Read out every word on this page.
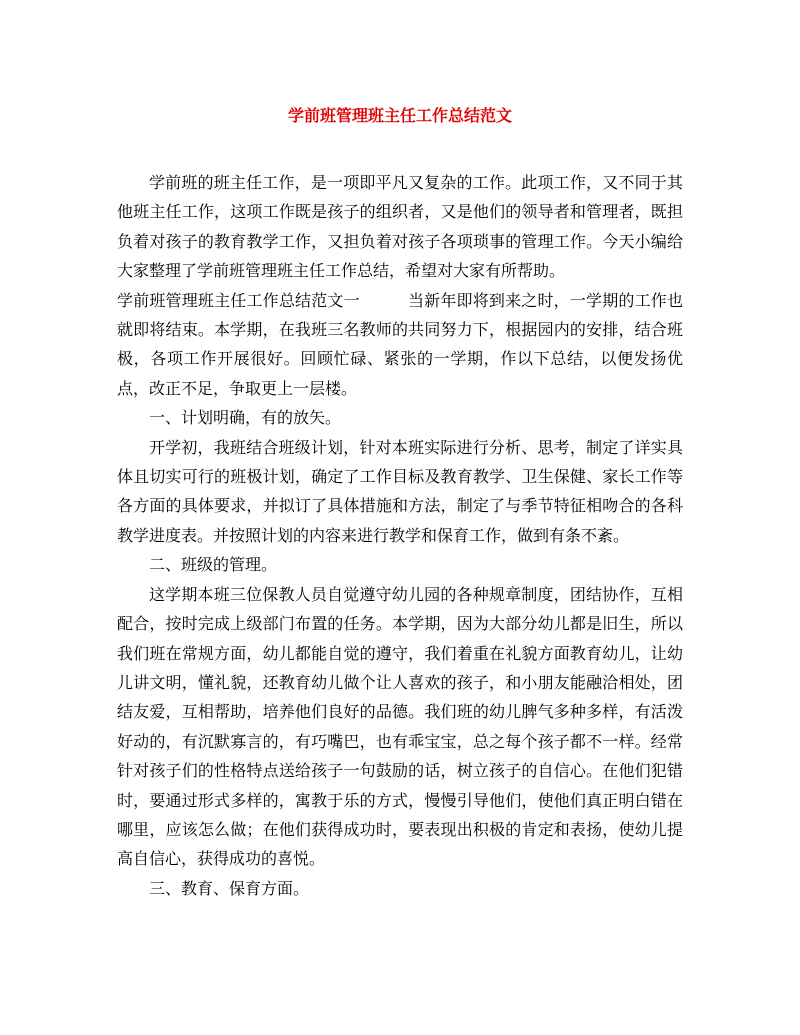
学前班管理班主任工作总结范文

学前班的班主任工作，是一项即平凡又复杂的工作。此项工作，又不同于其他班主任工作，这项工作既是孩子的组织者，又是他们的领导者和管理者，既担负着对孩子的教育教学工作，又担负着对孩子各项琐事的管理工作。今天小编给大家整理了学前班管理班主任工作总结，希望对大家有所帮助。

学前班管理班主任工作总结范文一	当新年即将到来之时，一学期的工作也就即将结束。本学期，在我班三名教师的共同努力下，根据园内的安排，结合班极，各项工作开展很好。回顾忙碌、紧张的一学期，作以下总结，以便发扬优点，改正不足，争取更上一层楼。

一、计划明确，有的放矢。

开学初，我班结合班级计划，针对本班实际进行分析、思考，制定了详实具体且切实可行的班极计划，确定了工作目标及教育教学、卫生保健、家长工作等各方面的具体要求，并拟订了具体措施和方法，制定了与季节特征相吻合的各科教学进度表。并按照计划的内容来进行教学和保育工作，做到有条不紊。

二、班级的管理。

这学期本班三位保教人员自觉遵守幼儿园的各种规章制度，团结协作，互相配合，按时完成上级部门布置的任务。本学期，因为大部分幼儿都是旧生，所以我们班在常规方面，幼儿都能自觉的遵守，我们着重在礼貌方面教育幼儿，让幼儿讲文明，懂礼貌，还教育幼儿做个让人喜欢的孩子，和小朋友能融洽相处，团结友爱，互相帮助，培养他们良好的品德。我们班的幼儿脾气多种多样，有活泼好动的，有沉默寡言的，有巧嘴巴，也有乖宝宝，总之每个孩子都不一样。经常针对孩子们的性格特点送给孩子一句鼓励的话，树立孩子的自信心。在他们犯错时，要通过形式多样的，寓教于乐的方式，慢慢引导他们，使他们真正明白错在哪里，应该怎么做；在他们获得成功时，要表现出积极的肯定和表扬，使幼儿提高自信心，获得成功的喜悦。

三、教育、保育方面。
